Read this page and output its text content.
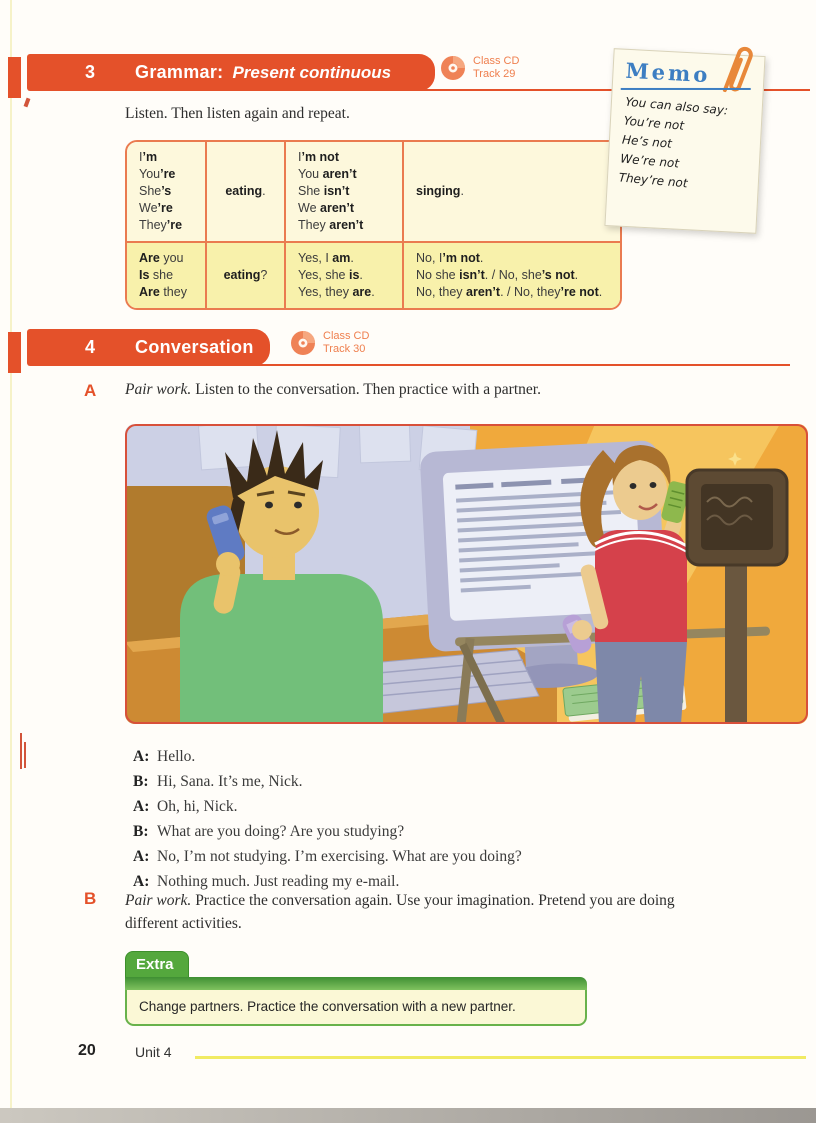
3 Grammar: Present continuous
Class CD
Track 29
Listen. Then listen again and repeat.
I’m
You’re
She’s
We’re
They’re
eating .
I’m not
You aren’t
She isn’t
We aren’t
They aren’t
singing .
Are you
Is she
Are they
eating ?
Yes, I am.
Yes, she is.
Yes, they are.
No, I’m not.
No she isn’t. / No, she’s not.
No, they aren’t. / No, they’re not.
Memo
You can also say:
You’re not
He’s not
We’re not
They’re not
4 Conversation
Class CD
Track 30
A Pair work. Listen to the conversation. Then practice with a partner.
A: Hello.
B: Hi, Sana. It’s me, Nick.
A: Oh, hi, Nick.
B: What are you doing? Are you studying?
A: No, I’m not studying. I’m exercising. What are you doing?
A: Nothing much. Just reading my e-mail.
B Pair work. Practice the conversation again. Use your imagination. Pretend you are doing different activities.
Extra
Change partners. Practice the conversation with a new partner.
20	Unit 4
